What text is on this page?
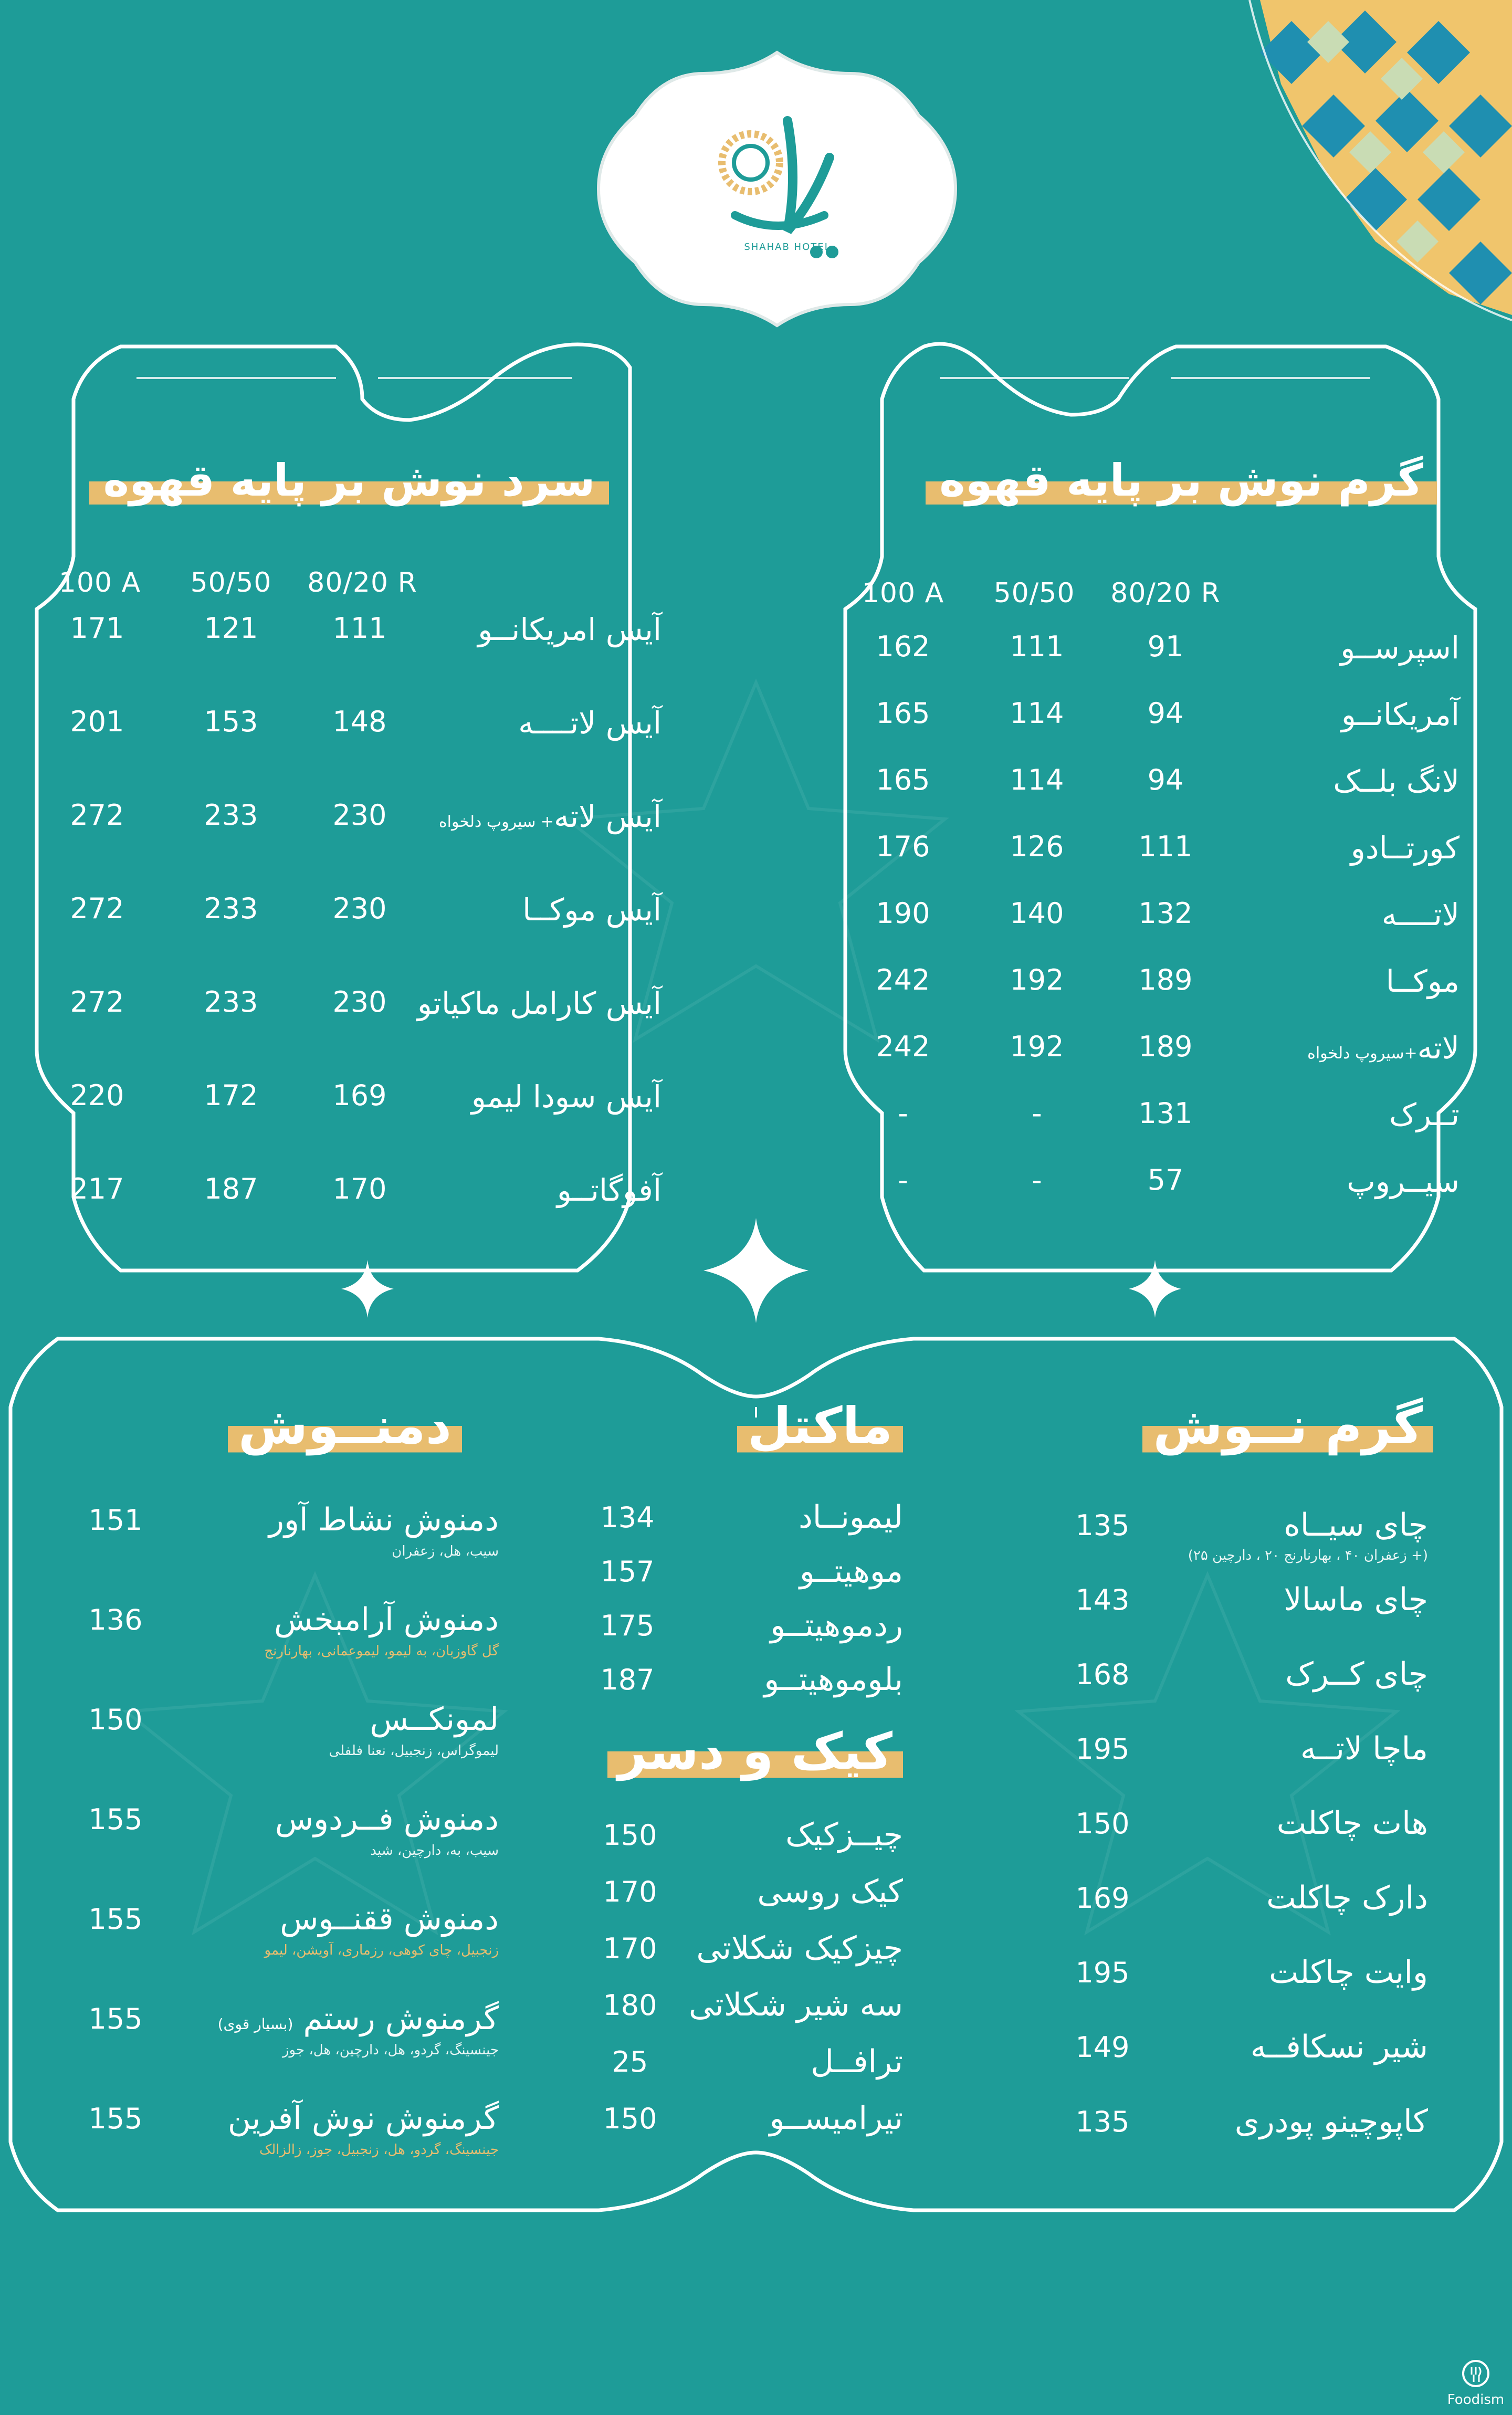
SHAHAB HOTEL
گرم نوش بر پایه قهوه
100 A	50/50	80/20 R
اسپرســو
162	111	91
آمریکانــو
165	114	94
لانگ بلــک
165	114	94
کورتــادو
176	126	111
لاتــــه
190	140	132
موکــا
242	192	189
لاته+سیروپ دلخواه
242	192	189
تــرک
-	-	131
سیــروپ
-	-	57
سرد نوش بر پایه قهوه
100 A	50/50	80/20 R
آیس امریکانــو
171	121	111
آیس لاتــــه
201	153	148
آیس لاته+ سیروپ دلخواه
272	233	230
آیس موکــا
272	233	230
آیس کارامل ماکیاتو
272	233	230
آیس سودا لیمو
220	172	169
آفوگاتــو
217	187	170
گرم نــوش
ماکتل
دمنــوش
کیک و دسر
چای سیــاه
135
(+ زعفران ۴۰ ، بهارنارنج ۲۰ ، دارچین ۲۵)
چای ماسالا
143
چای کــرک
168
ماچا لاتــه
195
هات چاکلت
150
دارک چاکلت
169
وایت چاکلت
195
شیر نسکافــه
149
کاپوچینو پودری
135
لیمونــاد
134
موهیتــو
157
ردموهیتــو
175
بلوموهیتــو
187
چیــزکیک
150
کیک روسی
170
چیزکیک شکلاتی
170
سه شیر شکلاتی
180
ترافــل
25
تیرامیســو
150
دمنوش نشاط آور
151
سیب، هل، زعفران
دمنوش آرامبخش
136
گل گاوزبان، به لیمو، لیموعمانی، بهارنارنج
لمونکــس
150
لیموگراس، زنجبیل، نعنا فلفلی
دمنوش فــردوس
155
سیب، به، دارچین، شید
دمنوش ققنــوس
155
زنجبیل، چای کوهی، رزماری، آویشن، لیمو
گرمنوش رستم (بسیار قوی)
155
جینسینگ، گردو، هل، دارچین، هل، جوز
گرمنوش نوش آفرین
155
جینسینگ، گردو، هل، زنجبیل، جوز، زالزالک
Foodism
